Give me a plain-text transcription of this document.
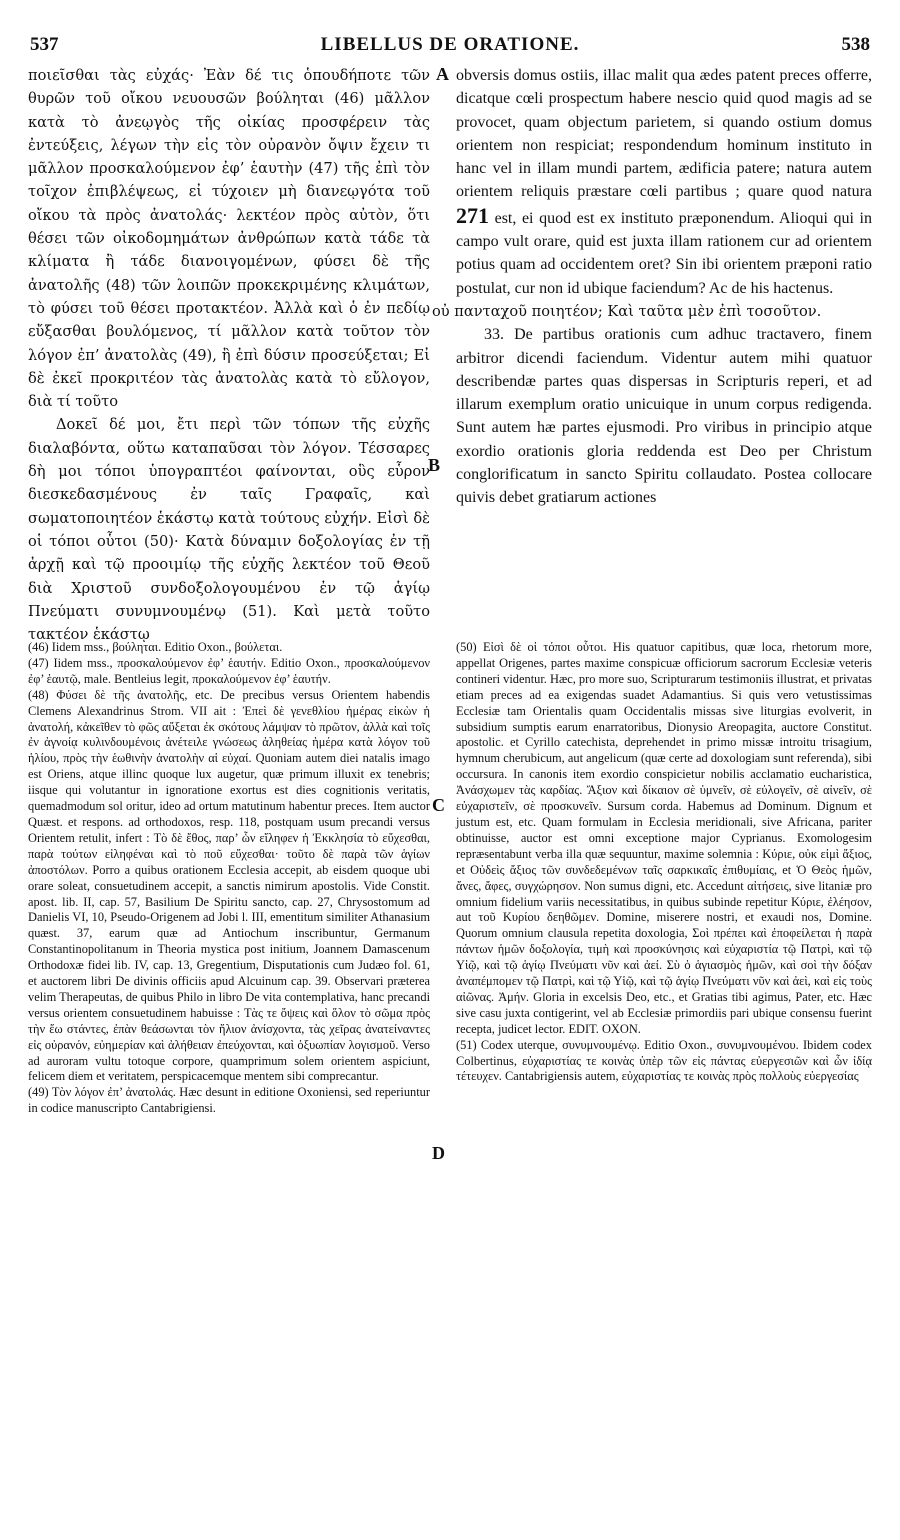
537	LIBELLUS DE ORATIONE.	538
A
B
C
D

ποιεῖσθαι τὰς εὐχάς· Ἐὰν δέ τις ὁπουδήποτε τῶν θυρῶν τοῦ οἴκου νευουσῶν βούληται (46) μᾶλλον κατὰ τὸ ἀνεῳγὸς τῆς οἰκίας προσφέρειν τὰς ἐντεύξεις, λέγων τὴν εἰς τὸν οὐρανὸν ὄψιν ἔχειν τι μᾶλλον προσκαλούμενον ἐφ’ ἑαυτὴν (47) τῆς ἐπὶ τὸν τοῖχον ἐπιβλέψεως, εἰ τύχοιεν μὴ διανεῳγότα τοῦ οἴκου τὰ πρὸς ἀνατολάς· λεκτέον πρὸς αὐτὸν, ὅτι θέσει τῶν οἰκοδομημάτων ἀνθρώπων κατὰ τάδε τὰ κλίματα ἢ τάδε διανοιγομένων, φύσει δὲ τῆς ἀνατολῆς (48) τῶν λοιπῶν προκεκριμένης κλιμάτων, τὸ φύσει τοῦ θέσει προτακτέον. Ἀλλὰ καὶ ὁ ἐν πεδίῳ εὔξασθαι βουλόμενος, τί μᾶλλον κατὰ τοῦτον τὸν λόγον ἐπ’ ἀνατολὰς (49), ἢ ἐπὶ δύσιν προσεύξεται; Εἰ δὲ ἐκεῖ προκριτέον τὰς ἀνατολὰς κατὰ τὸ εὔλογον, διὰ τί τοῦτο

Δοκεῖ δέ μοι, ἔτι περὶ τῶν τόπων τῆς εὐχῆς διαλαβόντα, οὕτω καταπαῦσαι τὸν λόγον. Τέσσαρες δὴ μοι τόποι ὑπογραπτέοι φαίνονται, οὓς εὗρον διεσκεδασμένους ἐν ταῖς Γραφαῖς, καὶ σωματοποιητέον ἑκάστῳ κατὰ τούτους εὐχήν. Εἰσὶ δὲ οἱ τόποι οὗτοι (50)· Κατὰ δύναμιν δοξολογίας ἐν τῇ ἀρχῇ καὶ τῷ προοιμίῳ τῆς εὐχῆς λεκτέον τοῦ Θεοῦ διὰ Χριστοῦ συνδοξολογουμένου ἐν τῷ ἁγίῳ Πνεύματι συνυμνουμένῳ (51). Καὶ μετὰ τοῦτο τακτέον ἑκάστῳ

obversis domus ostiis, illac malit qua ædes patent preces offerre, dicatque cœli prospectum habere nescio quid quod magis ad se provocet, quam objectum parietem, si quando ostium domus orientem non respiciat; respondendum hominum instituto in hanc vel in illam mundi partem, ædificia patere; natura autem orientem reliquis præstare cœli partibus ; quare quod natura 271 est, ei quod est ex instituto præponendum. Alioqui qui in campo vult orare, quid est juxta illam rationem cur ad orientem potius quam ad occidentem oret? Sin ibi orientem præponi ratio postulat, cur non id ubique faciendum? Ac de his hactenus.

οὐ πανταχοῦ ποιητέον; Καὶ ταῦτα μὲν ἐπὶ τοσοῦτον.

33. De partibus orationis cum adhuc tractavero, finem arbitror dicendi faciendum. Videntur autem mihi quatuor describendæ partes quas dispersas in Scripturis reperi, et ad illarum exemplum oratio unicuique in unum corpus redigenda. Sunt autem hæ partes ejusmodi. Pro viribus in principio atque exordio orationis gloria reddenda est Deo per Christum conglorificatum in sancto Spiritu collaudato. Postea collocare quivis debet gratiarum actiones

(46) Iidem mss., βούληται. Editio Oxon., βούλεται.

(47) Iidem mss., προσκαλούμενον ἐφ’ ἑαυτήν. Editio Oxon., προσκαλούμενον ἐφ’ ἑαυτῷ, male. Bentleius legit, προκαλούμενον ἐφ’ ἑαυτήν.

(48) Φύσει δὲ τῆς ἀνατολῆς, etc. De precibus versus Orientem habendis Clemens Alexandrinus Strom. VII ait : Ἐπεὶ δὲ γενεθλίου ἡμέρας εἰκὼν ἡ ἀνατολή, κἀκεῖθεν τὸ φῶς αὔξεται ἐκ σκότους λάμψαν τὸ πρῶτον, ἀλλὰ καὶ τοῖς ἐν ἀγνοίᾳ κυλινδουμένοις ἀνέτειλε γνώσεως ἀληθείας ἡμέρα κατὰ λόγον τοῦ ἡλίου, πρὸς τὴν ἑωθινὴν ἀνατολὴν αἱ εὐχαί. Quoniam autem diei natalis imago est Oriens, atque illinc quoque lux augetur, quæ primum illuxit ex tenebris; iisque qui volutantur in ignoratione exortus est dies cognitionis veritatis, quemadmodum sol oritur, ideo ad ortum matutinum habentur preces. Item auctor Quæst. et respons. ad orthodoxos, resp. 118, postquam usum precandi versus Orientem retulit, infert : Τὸ δὲ ἔθος, παρ’ ὧν εἴληφεν ἡ Ἐκκλησία τὸ εὔχεσθαι, παρὰ τούτων εἰληφέναι καὶ τὸ ποῦ εὔχεσθαι· τοῦτο δὲ παρὰ τῶν ἁγίων ἀποστόλων. Porro a quibus orationem Ecclesia accepit, ab eisdem quoque ubi orare soleat, consuetudinem accepit, a sanctis nimirum apostolis. Vide Constit. apost. lib. II, cap. 57, Basilium De Spiritu sancto, cap. 27, Chrysostomum ad Danielis VI, 10, Pseudo-Origenem ad Jobi l. III, ementitum similiter Athanasium quæst. 37, earum quæ ad Antiochum inscribuntur, Germanum Constantinopolitanum in Theoria mystica post initium, Joannem Damascenum Orthodoxæ fidei lib. IV, cap. 13, Gregentium, Disputationis cum Judæo fol. 61, et auctorem libri De divinis officiis apud Alcuinum cap. 39. Observari præterea velim Therapeutas, de quibus Philo in libro De vita contemplativa, hanc precandi versus orientem consuetudinem habuisse : Τὰς τε ὄψεις καὶ ὅλον τὸ σῶμα πρὸς τὴν ἕω στάντες, ἐπὰν θεάσωνται τὸν ἥλιον ἀνίσχοντα, τὰς χεῖρας ἀνατείναντες εἰς οὐρανόν, εὐημερίαν καὶ ἀλήθειαν ἐπεύχονται, καὶ ὀξυωπίαν λογισμοῦ. Verso ad auroram vultu totoque corpore, quamprimum solem orientem aspiciunt, felicem diem et veritatem, perspicacemque mentem sibi comprecantur.

(49) Τὸν λόγον ἐπ’ ἀνατολάς. Hæc desunt in editione Oxoniensi, sed reperiuntur in codice manuscripto Cantabrigiensi.

(50) Εἰσὶ δὲ οἱ τόποι οὗτοι. His quatuor capitibus, quæ loca, rhetorum more, appellat Origenes, partes maxime conspicuæ officiorum sacrorum Ecclesiæ veteris contineri videntur. Hæc, pro more suo, Scripturarum testimoniis illustrat, et privatas etiam preces ad ea exigendas suadet Adamantius. Si quis vero vetustissimas Ecclesiæ tam Orientalis quam Occidentalis missas sive liturgias evolverit, in subsidium sumptis earum enarratoribus, Dionysio Areopagita, auctore Constitut. apostolic. et Cyrillo catechista, deprehendet in primo missæ introitu trisagium, hymnum cherubicum, aut angelicum (quæ certe ad doxologiam sunt referenda), sibi occursura. In canonis item exordio conspicietur nobilis acclamatio eucharistica, Ἀνάσχωμεν τὰς καρδίας. Ἄξιον καὶ δίκαιον σὲ ὑμνεῖν, σὲ εὐλογεῖν, σὲ αἰνεῖν, σὲ εὐχαριστεῖν, σὲ προσκυνεῖν. Sursum corda. Habemus ad Dominum. Dignum et justum est, etc. Quam formulam in Ecclesia meridionali, sive Africana, pariter obtinuisse, auctor est omni exceptione major Cyprianus. Exomologesim repræsentabunt verba illa quæ sequuntur, maxime solemnia : Κύριε, οὐκ εἰμὶ ἄξιος, et Οὐδεὶς ἄξιος τῶν συνδεδεμένων ταῖς σαρκικαῖς ἐπιθυμίαις, et Ὁ Θεὸς ἡμῶν, ἄνες, ἄφες, συγχώρησον. Non sumus digni, etc. Accedunt αἰτήσεις, sive litaniæ pro omnium fidelium variis necessitatibus, in quibus subinde repetitur Κύριε, ἐλέησον, aut τοῦ Κυρίου δεηθῶμεν. Domine, miserere nostri, et exaudi nos, Domine. Quorum omnium clausula repetita doxologia, Σοὶ πρέπει καὶ ἐποφείλεται ἡ παρὰ πάντων ἡμῶν δοξολογία, τιμὴ καὶ προσκύνησις καὶ εὐχαριστία τῷ Πατρὶ, καὶ τῷ Υἱῷ, καὶ τῷ ἁγίῳ Πνεύματι νῦν καὶ ἀεί. Σὺ ὁ ἁγιασμὸς ἡμῶν, καὶ σοὶ τὴν δόξαν ἀναπέμπομεν τῷ Πατρὶ, καὶ τῷ Υἱῷ, καὶ τῷ ἁγίῳ Πνεύματι νῦν καὶ ἀεὶ, καὶ εἰς τοὺς αἰῶνας. Ἀμήν. Gloria in excelsis Deo, etc., et Gratias tibi agimus, Pater, etc. Hæc sive casu juxta contigerint, vel ab Ecclesiæ primordiis pari ubique consensu fuerint recepta, judicet lector. EDIT. OXON.

(51) Codex uterque, συνυμνουμένῳ. Editio Oxon., συνυμνουμένου. Ibidem codex Colbertinus, εὐχαριστίας τε κοινὰς ὑπὲρ τῶν εἰς πάντας εὐεργεσιῶν καὶ ὧν ἰδίᾳ τέτευχεν. Cantabrigiensis autem, εὐχαριστίας τε κοινὰς πρὸς πολλοὺς εὐεργεσίας
